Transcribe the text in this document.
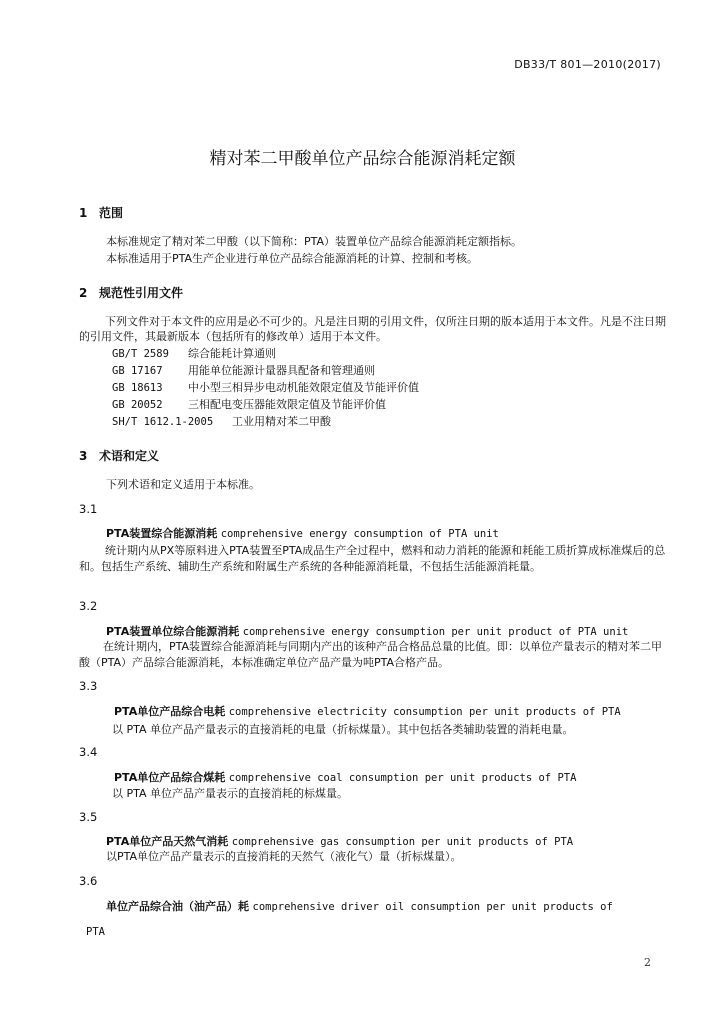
DB33/T 801—2010(2017)
精对苯二甲酸单位产品综合能源消耗定额
1 范围
本标准规定了精对苯二甲酸（以下简称：PTA）装置单位产品综合能源消耗定额指标。
本标准适用于PTA生产企业进行单位产品综合能源消耗的计算、控制和考核。
2 规范性引用文件
下列文件对于本文件的应用是必不可少的。凡是注日期的引用文件，仅所注日期的版本适用于本文件。凡是不注日期的引用文件，其最新版本（包括所有的修改单）适用于本文件。
GB/T 2589 综合能耗计算通则
GB 17167 用能单位能源计量器具配备和管理通则
GB 18613 中小型三相异步电动机能效限定值及节能评价值
GB 20052 三相配电变压器能效限定值及节能评价值
SH/T 1612.1-2005 工业用精对苯二甲酸
3 术语和定义
下列术语和定义适用于本标准。
3.1
PTA装置综合能源消耗 comprehensive energy consumption of PTA unit
统计期内从PX等原料进入PTA装置至PTA成品生产全过程中，燃料和动力消耗的能源和耗能工质折算成标准煤后的总和。包括生产系统、辅助生产系统和附属生产系统的各种能源消耗量，不包括生活能源消耗量。
3.2
PTA装置单位综合能源消耗 comprehensive energy consumption per unit product of PTA unit
在统计期内，PTA装置综合能源消耗与同期内产出的该种产品合格品总量的比值。即：以单位产量表示的精对苯二甲酸（PTA）产品综合能源消耗，本标准确定单位产品产量为吨PTA合格产品。
3.3
PTA单位产品综合电耗 comprehensive electricity consumption per unit products of PTA
以 PTA 单位产品产量表示的直接消耗的电量（折标煤量）。其中包括各类辅助装置的消耗电量。
3.4
PTA单位产品综合煤耗 comprehensive coal consumption per unit products of PTA
以 PTA 单位产品产量表示的直接消耗的标煤量。
3.5
PTA单位产品天然气消耗 comprehensive gas consumption per unit products of PTA
以PTA单位产品产量表示的直接消耗的天然气（液化气）量（折标煤量）。
3.6
单位产品综合油（油产品）耗 comprehensive driver oil consumption per unit products of
PTA
2
